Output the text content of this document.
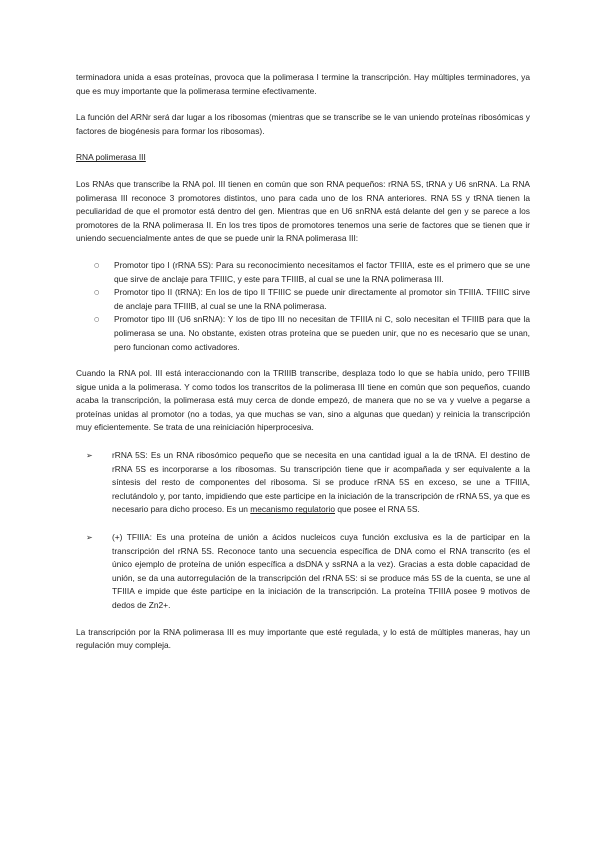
terminadora unida a esas proteínas, provoca que la polimerasa I termine la transcripción. Hay múltiples terminadores, ya que es muy importante que la polimerasa termine efectivamente.

La función del ARNr será dar lugar a los ribosomas (mientras que se transcribe se le van uniendo proteínas ribosómicas y factores de biogénesis para formar los ribosomas).

RNA polimerasa III

Los RNAs que transcribe la RNA pol. III tienen en común que son RNA pequeños: rRNA 5S, tRNA y U6 snRNA. La RNA polimerasa III reconoce 3 promotores distintos, uno para cada uno de los RNA anteriores. RNA 5S y tRNA tienen la peculiaridad de que el promotor está dentro del gen. Mientras que en U6 snRNA está delante del gen y se parece a los promotores de la RNA polimerasa II. En los tres tipos de promotores tenemos una serie de factores que se tienen que ir uniendo secuencialmente antes de que se puede unir la RNA polimerasa III:

○ Promotor tipo I (rRNA 5S): Para su reconocimiento necesitamos el factor TFIIIA, este es el primero que se une que sirve de anclaje para TFIIIC, y este para TFIIIB, al cual se une la RNA polimerasa III.
○ Promotor tipo II (tRNA): En los de tipo II TFIIIC se puede unir directamente al promotor sin TFIIIA. TFIIIC sirve de anclaje para TFIIIB, al cual se une la RNA polimerasa.
○ Promotor tipo III (U6 snRNA): Y los de tipo III no necesitan de TFIIIA ni C, solo necesitan el TFIIIB para que la polimerasa se una. No obstante, existen otras proteína que se pueden unir, que no es necesario que se unan, pero funcionan como activadores.

Cuando la RNA pol. III está interaccionando con la TRIIIB transcribe, desplaza todo lo que se había unido, pero TFIIIB sigue unida a la polimerasa. Y como todos los transcritos de la polimerasa III tiene en común que son pequeños, cuando acaba la transcripción, la polimerasa está muy cerca de donde empezó, de manera que no se va y vuelve a pegarse a proteínas unidas al promotor (no a todas, ya que muchas se van, sino a algunas que quedan) y reinicia la transcripción muy eficientemente. Se trata de una reiniciación hiperprocesiva.

➢ rRNA 5S: Es un RNA ribosómico pequeño que se necesita en una cantidad igual a la de tRNA. El destino de rRNA 5S es incorporarse a los ribosomas. Su transcripción tiene que ir acompañada y ser equivalente a la síntesis del resto de componentes del ribosoma. Si se produce rRNA 5S en exceso, se une a TFIIIA, reclutándolo y, por tanto, impidiendo que este participe en la iniciación de la transcripción de rRNA 5S, ya que es necesario para dicho proceso. Es un mecanismo regulatorio que posee el RNA 5S.
➢ (+) TFIIIA: Es una proteína de unión a ácidos nucleicos cuya función exclusiva es la de participar en la transcripción del rRNA 5S. Reconoce tanto una secuencia específica de DNA como el RNA transcrito (es el único ejemplo de proteína de unión específica a dsDNA y ssRNA a la vez). Gracias a esta doble capacidad de unión, se da una autorregulación de la transcripción del rRNA 5S: si se produce más 5S de la cuenta, se une al TFIIIA e impide que éste participe en la iniciación de la transcripción. La proteína TFIIIA posee 9 motivos de dedos de Zn2+.

La transcripción por la RNA polimerasa III es muy importante que esté regulada, y lo está de múltiples maneras, hay un regulación muy compleja.
